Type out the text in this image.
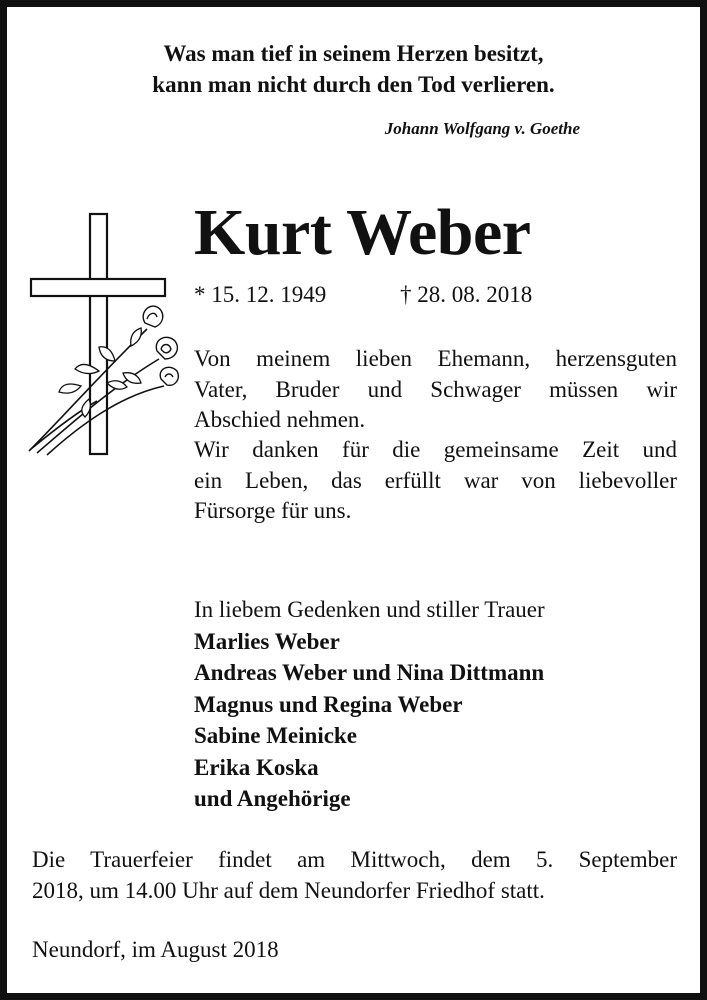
Was man tief in seinem Herzen besitzt,
kann man nicht durch den Tod verlieren.
Johann Wolfgang v. Goethe
Kurt Weber
* 15. 12. 1949	† 28. 08. 2018
Von meinem lieben Ehemann, herzensguten
Vater, Bruder und Schwager müssen wir
Abschied nehmen.
Wir danken für die gemeinsame Zeit und
ein Leben, das erfüllt war von liebevoller
Fürsorge für uns.
In liebem Gedenken und stiller Trauer
Marlies Weber
Andreas Weber und Nina Dittmann
Magnus und Regina Weber
Sabine Meinicke
Erika Koska
und Angehörige
Die Trauerfeier findet am Mittwoch, dem 5. September
2018, um 14.00 Uhr auf dem Neundorfer Friedhof statt.
Neundorf, im August 2018
